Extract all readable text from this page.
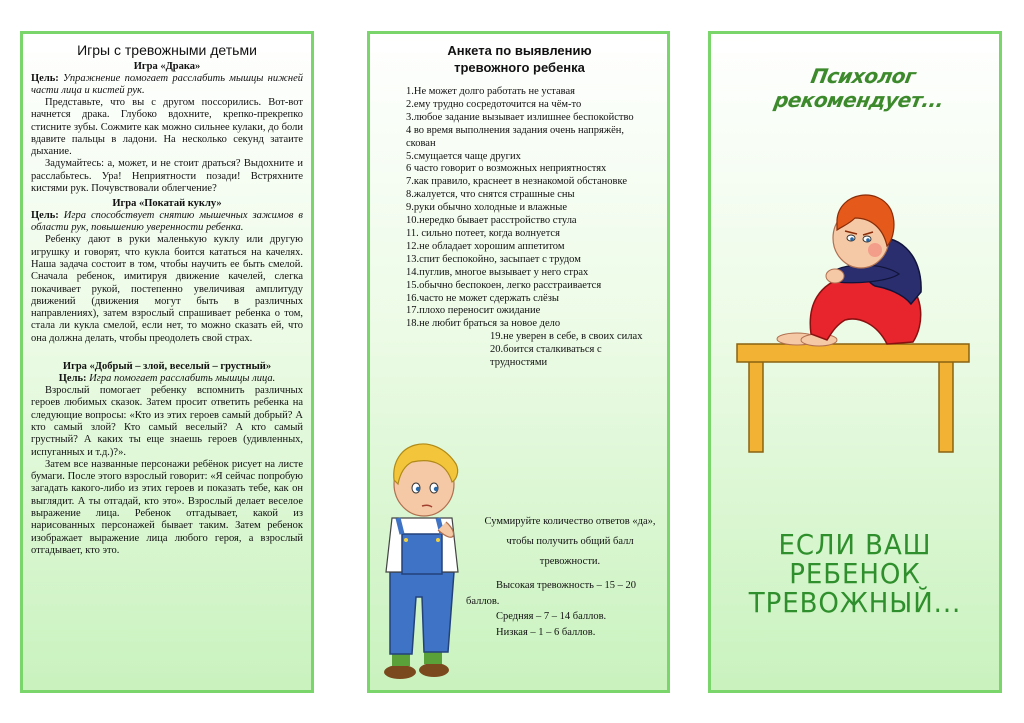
Игры с тревожными детьми
Игра «Драка»

Цель: Упражнение помогает расслабить мышцы нижней части лица и кистей рук.

Представьте, что вы с другом поссорились. Вот-вот начнется драка. Глубоко вдохните, крепко-прекрепко стисните зубы. Сожмите как можно сильнее кулаки, до боли вдавите пальцы в ладони. На несколько секунд затаите дыхание.

Задумайтесь: а, может, и не стоит драться? Выдохните и расслабьтесь. Ура! Неприятности позади! Встряхните кистями рук. Почувствовали облегчение?

Игра «Покатай куклу»

Цель: Игра способствует снятию мышечных зажимов в области рук, повышению уверенности ребенка.

Ребенку дают в руки маленькую куклу или другую игрушку и говорят, что кукла боится кататься на качелях. Наша задача состоит в том, чтобы научить ее быть смелой. Сначала ребенок, имитируя движение качелей, слегка покачивает рукой, постепенно увеличивая амплитуду движений (движения могут быть в различных направлениях), затем взрослый спрашивает ребенка о том, стала ли кукла смелой, если нет, то можно сказать ей, что она должна делать, чтобы преодолеть свой страх.

Игра «Добрый – злой, веселый – грустный»

Цель: Игра помогает расслабить мышцы лица.

Взрослый помогает ребенку вспомнить различных героев любимых сказок. Затем просит ответить ребенка на следующие вопросы: «Кто из этих героев самый добрый? А кто самый злой? Кто самый веселый? А кто самый грустный? А каких ты еще знаешь героев (удивленных, испуганных и т.д.)?».

Затем все названные персонажи ребёнок рисует на листе бумаги. После этого взрослый говорит: «Я сейчас попробую загадать какого-либо из этих героев и показать тебе, как он выглядит. А ты отгадай, кто это». Взрослый делает веселое выражение лица. Ребенок отгадывает, какой из нарисованных персонажей бывает таким. Затем ребенок изображает выражение лица любого героя, а взрослый отгадывает, кто это.

Анкета по выявлению тревожного ребенка
1.Не может долго работать не уставая
2.ему трудно сосредоточится на чём-то
3.любое задание вызывает излишнее беспокойство
4 во время выполнения задания очень напряжён, скован
5.смущается чаще других
6 часто говорит о возможных неприятностях
7.как правило, краснеет в незнакомой обстановке
8.жалуется, что снятся страшные сны
9.руки обычно холодные и влажные
10.нередко бывает расстройство стула
11. сильно потеет, когда волнуется
12.не обладает хорошим аппетитом
13.спит беспокойно, засыпает с трудом
14.пуглив, многое вызывает у него страх
15.обычно беспокоен, легко расстраивается
16.часто не может сдержать слёзы
17.плохо переносит ожидание
18.не любит браться за новое дело
19.не уверен в себе, в своих силах
20.боится сталкиваться с трудностями
Суммируйте количество ответов «да», чтобы получить общий балл тревожности.
Высокая тревожность – 15 – 20 баллов.
Средняя – 7 – 14 баллов.
Низкая – 1 – 6 баллов.
Психолог рекомендует...
ЕСЛИ ВАШ
РЕБЕНОК
ТРЕВОЖНЫЙ...
